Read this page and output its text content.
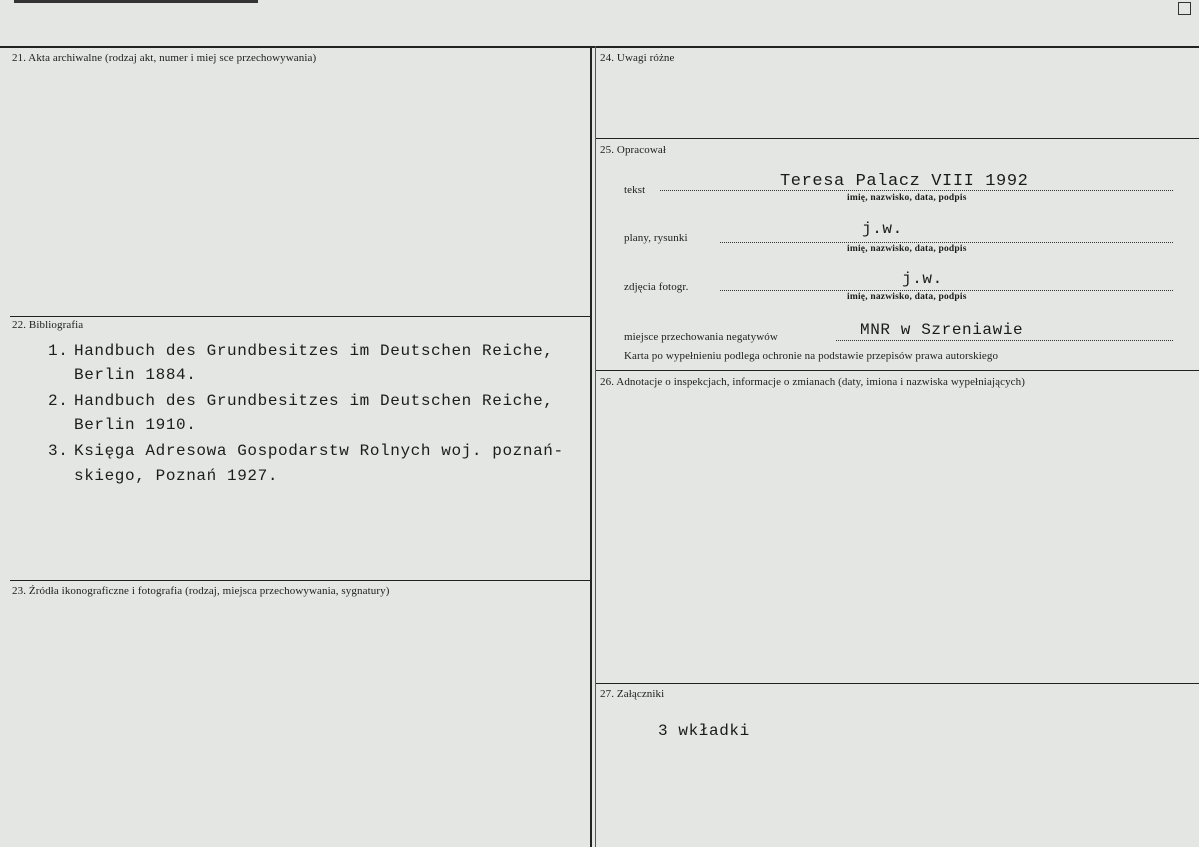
21. Akta archiwalne (rodzaj akt, numer i miej sce przechowywania)
22. Bibliografia
1. Handbuch des Grundbesitzes im Deutschen Reiche,
Berlin 1884.
2. Handbuch des Grundbesitzes im Deutschen Reiche,
Berlin 1910.
3. Księga Adresowa Gospodarstw Rolnych woj. poznań-
skiego, Poznań 1927.
23. Źródła ikonograficzne i fotografia (rodzaj, miejsca przechowywania, sygnatury)
24. Uwagi różne
25. Opracował
tekst	Teresa Palacz VIII 1992
imię, nazwisko, data, podpis
plany, rysunki	j.w.
imię, nazwisko, data, podpis
zdjęcia fotogr.	j.w.
imię, nazwisko, data, podpis
miejsce przechowania negatywów	MNR w Szreniawie
Karta po wypełnieniu podlega ochronie na podstawie przepisów prawa autorskiego
26. Adnotacje o inspekcjach, informacje o zmianach (daty, imiona i nazwiska wypełniających)
27. Załączniki
3 wkładki
